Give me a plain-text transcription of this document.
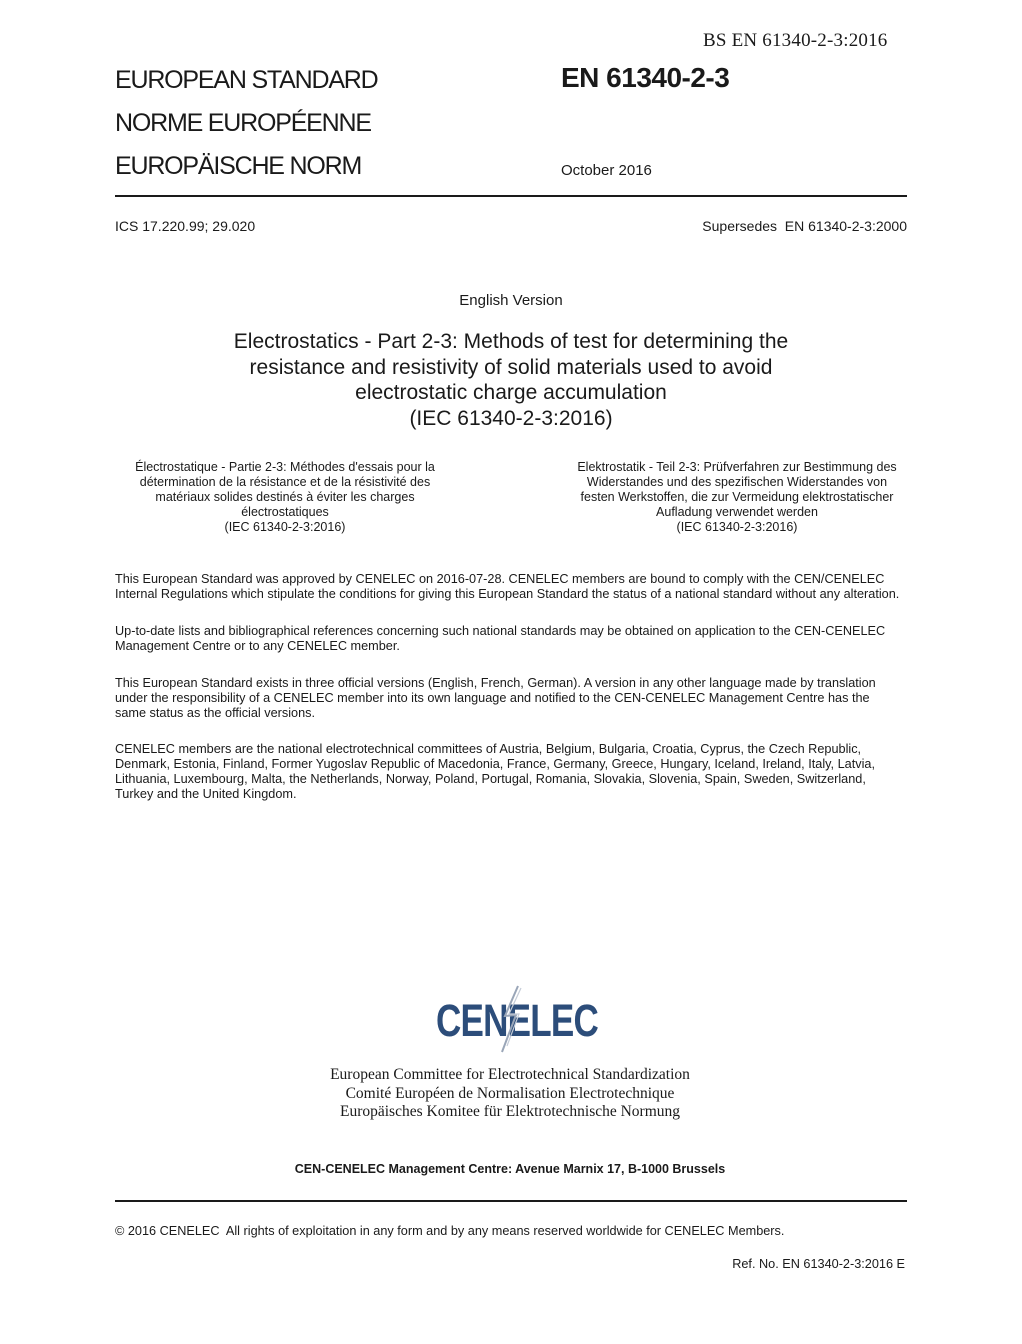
BS EN 61340-2-3:2016
EUROPEAN STANDARD
NORME EUROPÉENNE
EUROPÄISCHE NORM
EN 61340-2-3
October 2016
ICS 17.220.99; 29.020	Supersedes  EN 61340-2-3:2000
English Version
Electrostatics - Part 2-3: Methods of test for determining the
resistance and resistivity of solid materials used to avoid
electrostatic charge accumulation
(IEC 61340-2-3:2016)
Électrostatique - Partie 2-3: Méthodes d'essais pour la
détermination de la résistance et de la résistivité des
matériaux solides destinés à éviter les charges
électrostatiques
(IEC 61340-2-3:2016)
Elektrostatik - Teil 2-3: Prüfverfahren zur Bestimmung des
Widerstandes und des spezifischen Widerstandes von
festen Werkstoffen, die zur Vermeidung elektrostatischer
Aufladung verwendet werden
(IEC 61340-2-3:2016)
This European Standard was approved by CENELEC on 2016-07-28. CENELEC members are bound to comply with the CEN/CENELEC
Internal Regulations which stipulate the conditions for giving this European Standard the status of a national standard without any alteration.
Up-to-date lists and bibliographical references concerning such national standards may be obtained on application to the CEN-CENELEC
Management Centre or to any CENELEC member.
This European Standard exists in three official versions (English, French, German). A version in any other language made by translation
under the responsibility of a CENELEC member into its own language and notified to the CEN-CENELEC Management Centre has the
same status as the official versions.
CENELEC members are the national electrotechnical committees of Austria, Belgium, Bulgaria, Croatia, Cyprus, the Czech Republic,
Denmark, Estonia, Finland, Former Yugoslav Republic of Macedonia, France, Germany, Greece, Hungary, Iceland, Ireland, Italy, Latvia,
Lithuania, Luxembourg, Malta, the Netherlands, Norway, Poland, Portugal, Romania, Slovakia, Slovenia, Spain, Sweden, Switzerland,
Turkey and the United Kingdom.
CENELEC
European Committee for Electrotechnical Standardization
Comité Européen de Normalisation Electrotechnique
Europäisches Komitee für Elektrotechnische Normung
CEN-CENELEC Management Centre: Avenue Marnix 17, B-1000 Brussels
© 2016 CENELEC  All rights of exploitation in any form and by any means reserved worldwide for CENELEC Members.
Ref. No. EN 61340-2-3:2016 E
